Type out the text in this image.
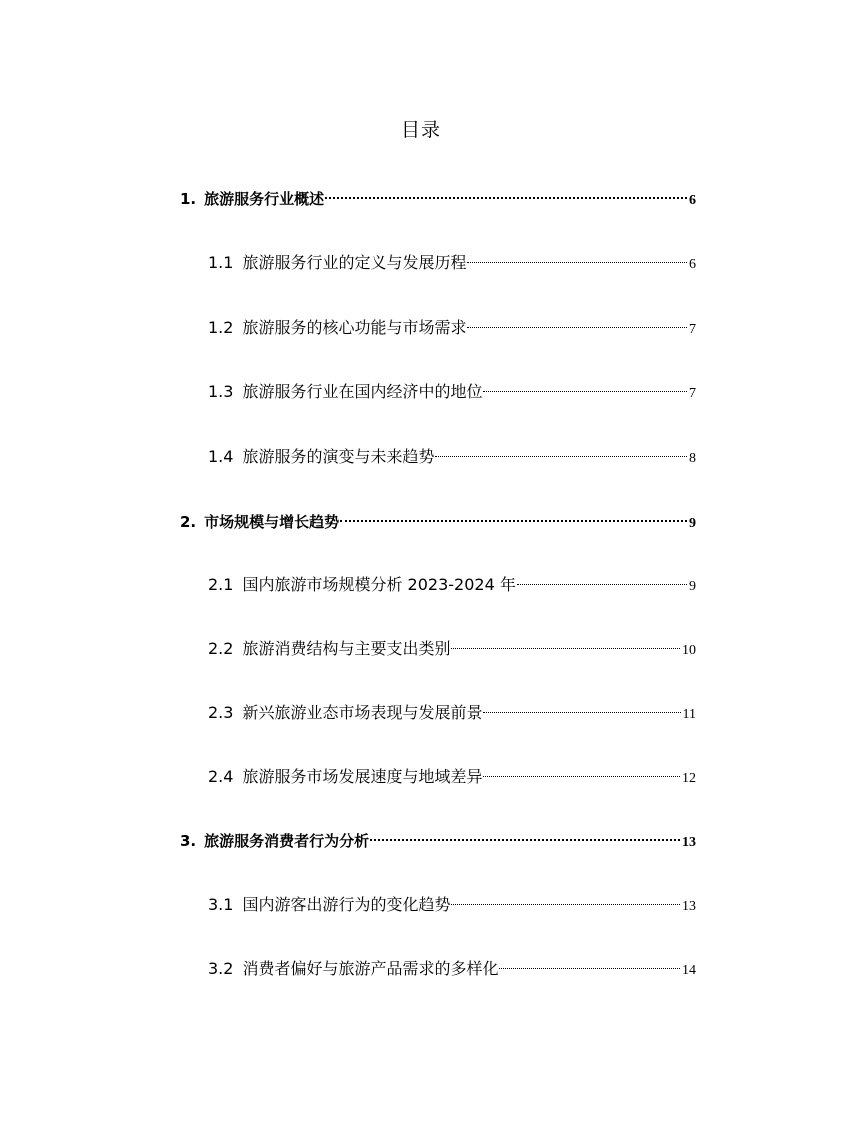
目录
1. 旅游服务行业概述	6
1.1 旅游服务行业的定义与发展历程	6
1.2 旅游服务的核心功能与市场需求	7
1.3 旅游服务行业在国内经济中的地位	7
1.4 旅游服务的演变与未来趋势	8
2. 市场规模与增长趋势	9
2.1 国内旅游市场规模分析 2023-2024 年	9
2.2 旅游消费结构与主要支出类别	10
2.3 新兴旅游业态市场表现与发展前景	11
2.4 旅游服务市场发展速度与地域差异	12
3. 旅游服务消费者行为分析	13
3.1 国内游客出游行为的变化趋势	13
3.2 消费者偏好与旅游产品需求的多样化	14
